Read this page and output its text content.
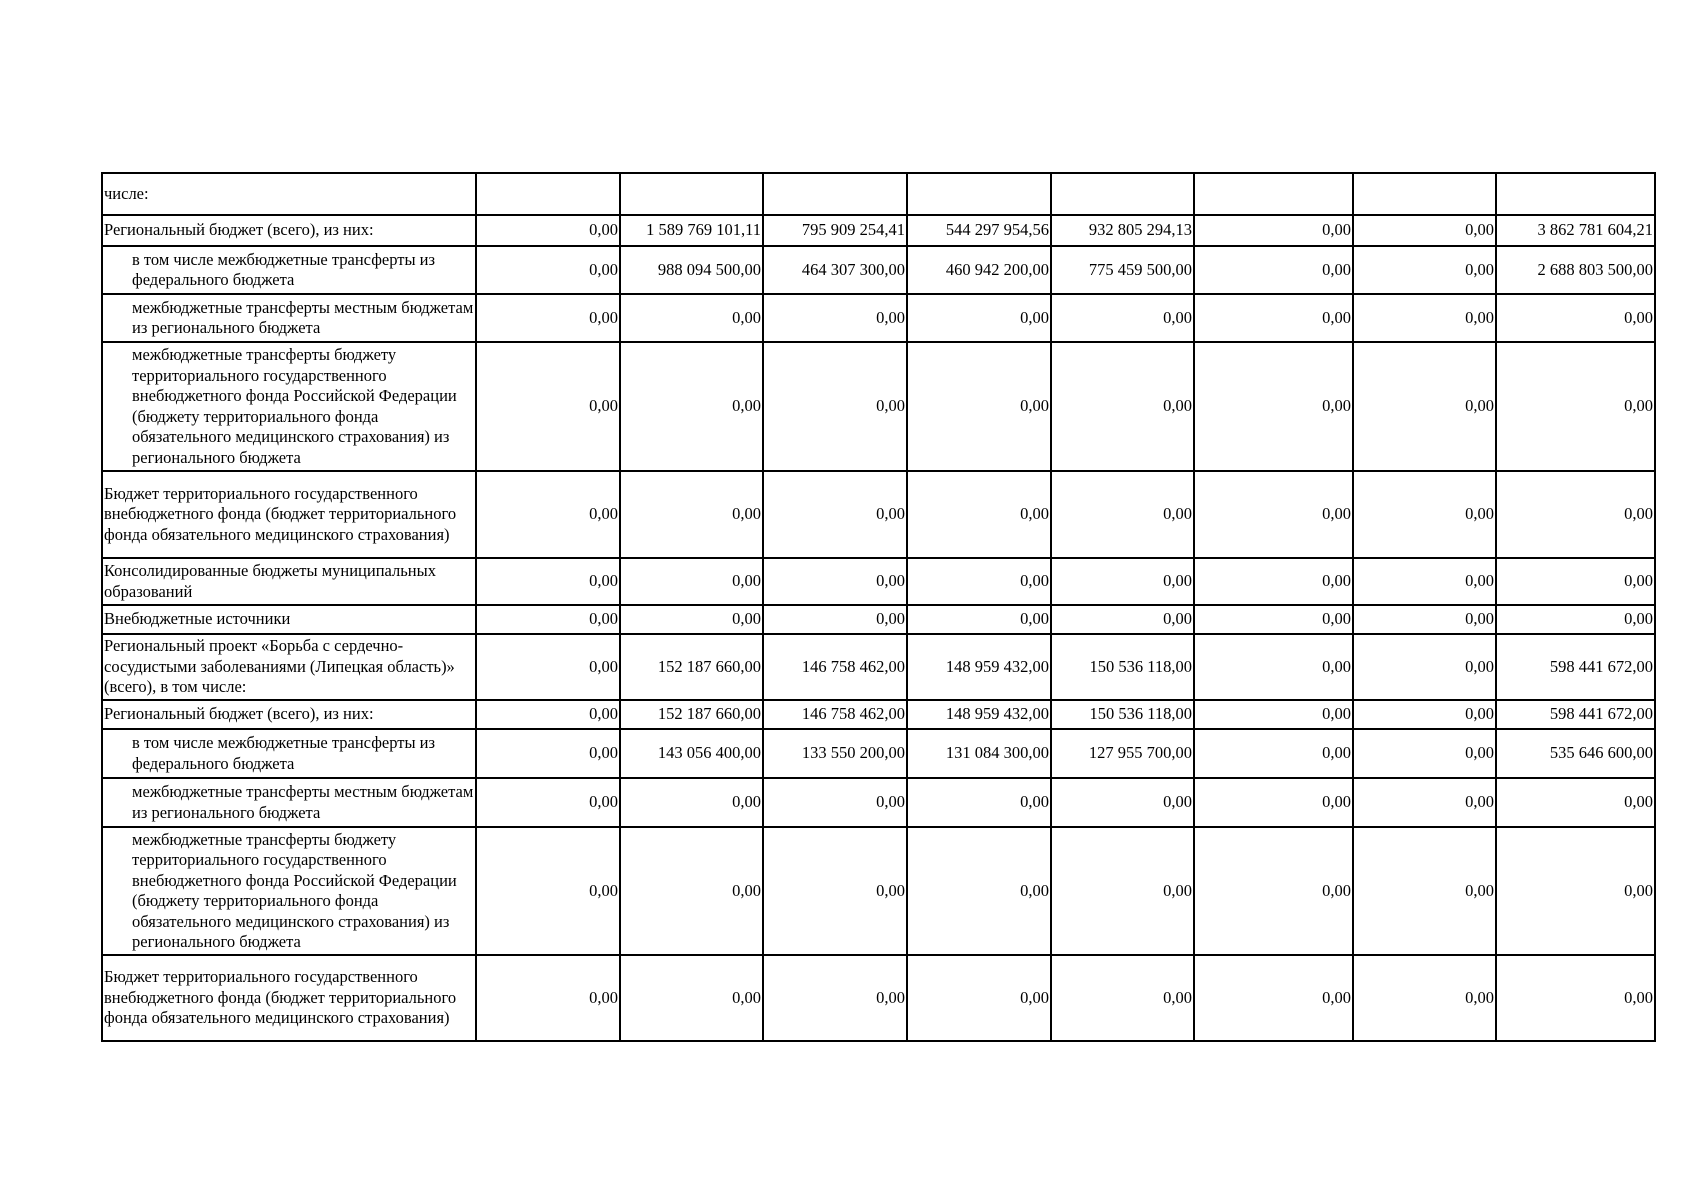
числе:								
Региональный бюджет (всего), из них:	0,00	1 589 769 101,11	795 909 254,41	544 297 954,56	932 805 294,13	0,00	0,00	3 862 781 604,21
в том числе межбюджетные трансферты из федерального бюджета	0,00	988 094 500,00	464 307 300,00	460 942 200,00	775 459 500,00	0,00	0,00	2 688 803 500,00
межбюджетные трансферты местным бюджетам из регионального бюджета	0,00	0,00	0,00	0,00	0,00	0,00	0,00	0,00
межбюджетные трансферты бюджету территориального государственного внебюджетного фонда Российской Федерации (бюджету территориального фонда обязательного медицинского страхования) из регионального бюджета	0,00	0,00	0,00	0,00	0,00	0,00	0,00	0,00
Бюджет территориального государственного внебюджетного фонда (бюджет территориального фонда обязательного медицинского страхования)	0,00	0,00	0,00	0,00	0,00	0,00	0,00	0,00
Консолидированные бюджеты муниципальных образований	0,00	0,00	0,00	0,00	0,00	0,00	0,00	0,00
Внебюджетные источники	0,00	0,00	0,00	0,00	0,00	0,00	0,00	0,00
Региональный проект «Борьба с сердечно-сосудистыми заболеваниями (Липецкая область)» (всего), в том числе:	0,00	152 187 660,00	146 758 462,00	148 959 432,00	150 536 118,00	0,00	0,00	598 441 672,00
Региональный бюджет (всего), из них:	0,00	152 187 660,00	146 758 462,00	148 959 432,00	150 536 118,00	0,00	0,00	598 441 672,00
в том числе межбюджетные трансферты из федерального бюджета	0,00	143 056 400,00	133 550 200,00	131 084 300,00	127 955 700,00	0,00	0,00	535 646 600,00
межбюджетные трансферты местным бюджетам из регионального бюджета	0,00	0,00	0,00	0,00	0,00	0,00	0,00	0,00
межбюджетные трансферты бюджету территориального государственного внебюджетного фонда Российской Федерации (бюджету территориального фонда обязательного медицинского страхования) из регионального бюджета	0,00	0,00	0,00	0,00	0,00	0,00	0,00	0,00
Бюджет территориального государственного внебюджетного фонда (бюджет территориального фонда обязательного медицинского страхования)	0,00	0,00	0,00	0,00	0,00	0,00	0,00	0,00
